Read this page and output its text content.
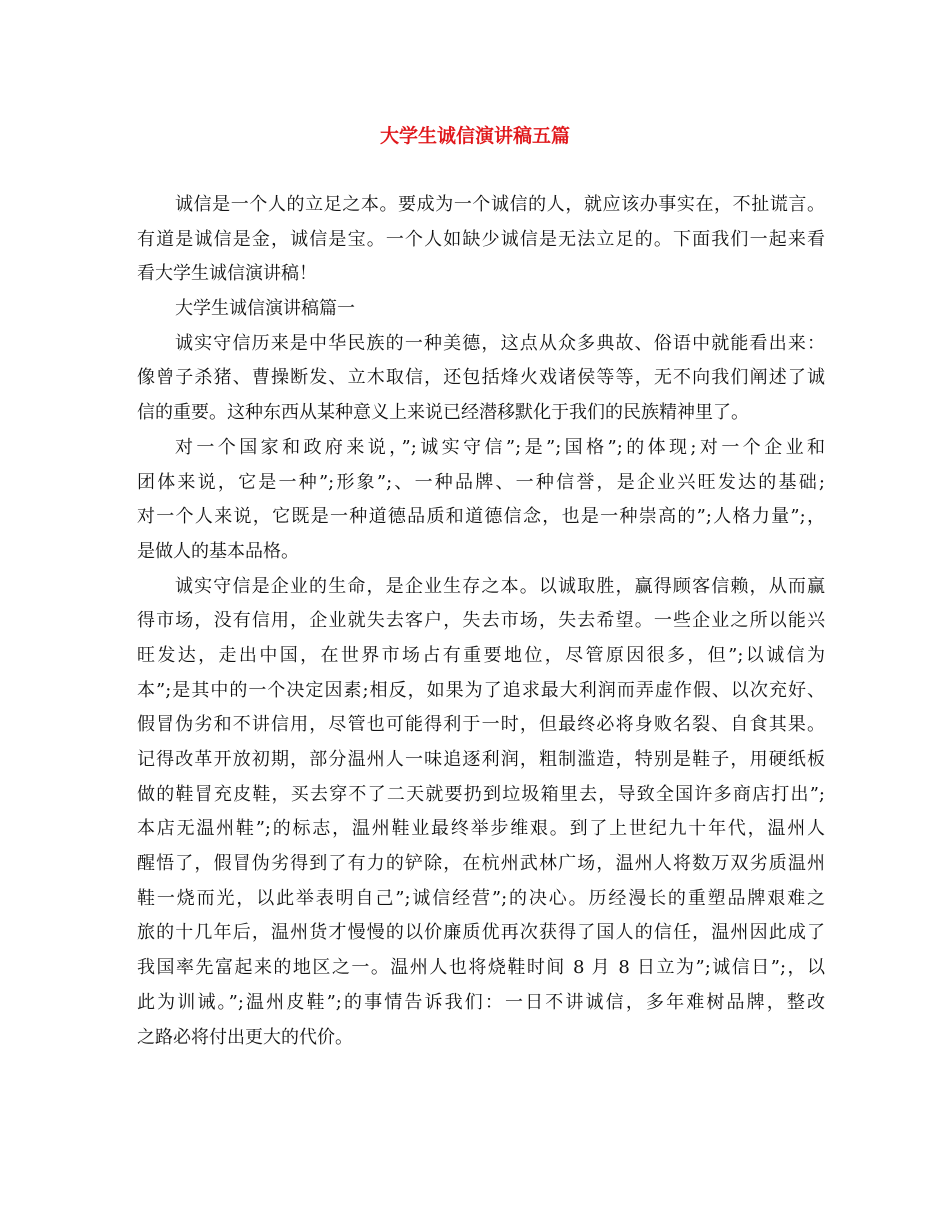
大学生诚信演讲稿五篇
诚信是一个人的立足之本。要成为一个诚信的人，就应该办事实在，不扯谎言。
有道是诚信是金，诚信是宝。一个人如缺少诚信是无法立足的。下面我们一起来看
看大学生诚信演讲稿！
大学生诚信演讲稿篇一
诚实守信历来是中华民族的一种美德，这点从众多典故、俗语中就能看出来：
像曾子杀猪、曹操断发、立木取信，还包括烽火戏诸侯等等，无不向我们阐述了诚
信的重要。这种东西从某种意义上来说已经潜移默化于我们的民族精神里了。
对一个国家和政府来说，”;诚实守信”;是”;国格”;的体现;对一个企业和
团体来说，它是一种”;形象”;、一种品牌、一种信誉，是企业兴旺发达的基础;
对一个人来说，它既是一种道德品质和道德信念，也是一种崇高的”;人格力量”;，
是做人的基本品格。
诚实守信是企业的生命，是企业生存之本。以诚取胜，赢得顾客信赖，从而赢
得市场，没有信用，企业就失去客户，失去市场，失去希望。一些企业之所以能兴
旺发达，走出中国，在世界市场占有重要地位，尽管原因很多，但”;以诚信为
本”;是其中的一个决定因素;相反，如果为了追求最大利润而弄虚作假、以次充好、
假冒伪劣和不讲信用，尽管也可能得利于一时，但最终必将身败名裂、自食其果。
记得改革开放初期，部分温州人一味追逐利润，粗制滥造，特别是鞋子，用硬纸板
做的鞋冒充皮鞋，买去穿不了二天就要扔到垃圾箱里去，导致全国许多商店打出”;
本店无温州鞋”;的标志，温州鞋业最终举步维艰。到了上世纪九十年代，温州人
醒悟了，假冒伪劣得到了有力的铲除，在杭州武林广场，温州人将数万双劣质温州
鞋一烧而光，以此举表明自己”;诚信经营”;的决心。历经漫长的重塑品牌艰难之
旅的十几年后，温州货才慢慢的以价廉质优再次获得了国人的信任，温州因此成了
我国率先富起来的地区之一。温州人也将烧鞋时间 8 月 8 日立为”;诚信日”;，以
此为训诫。”;温州皮鞋”;的事情告诉我们：一日不讲诚信，多年难树品牌，整改
之路必将付出更大的代价。
